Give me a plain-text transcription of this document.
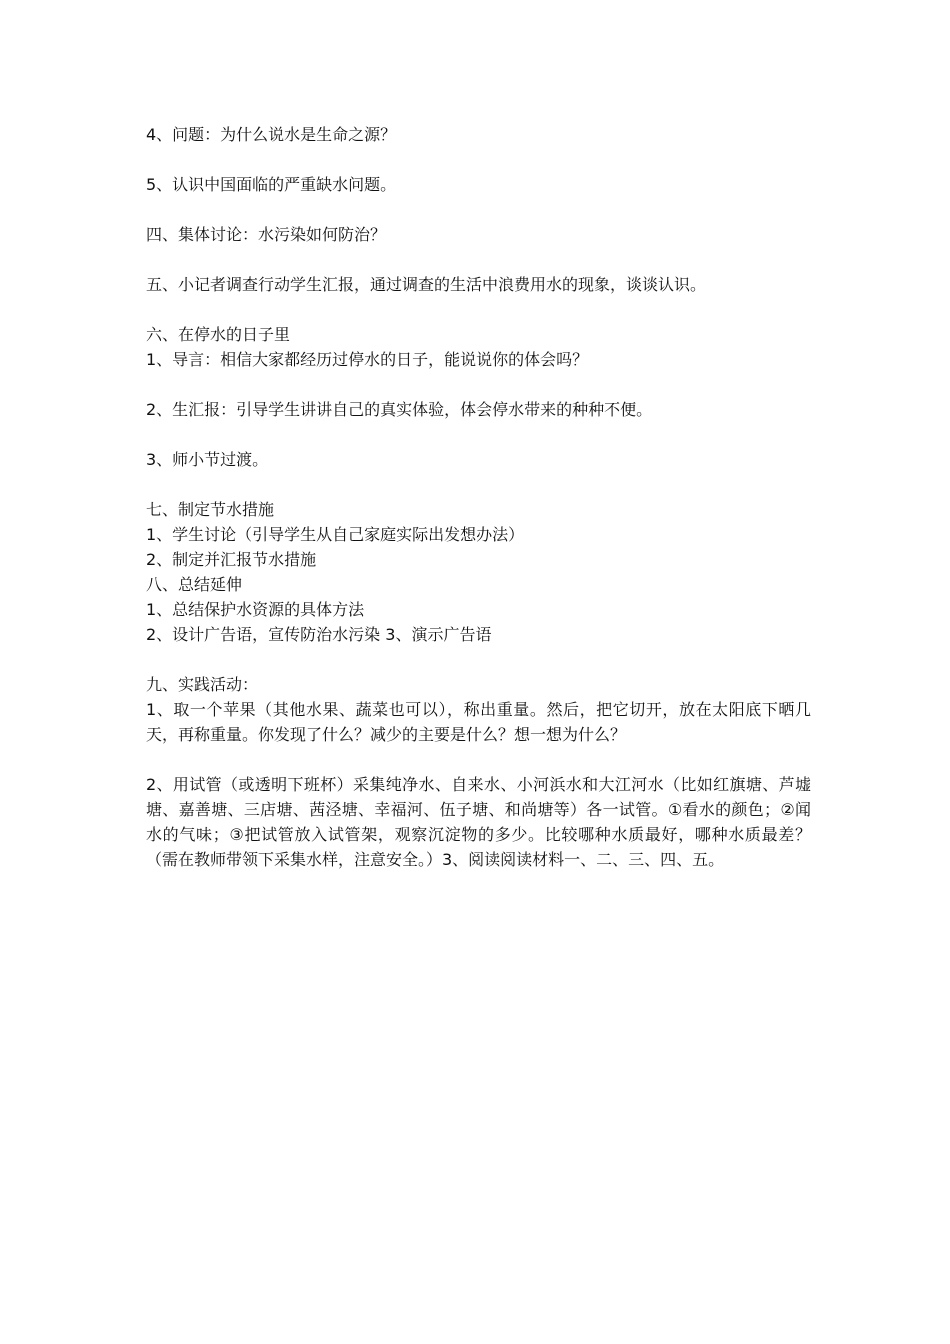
4、问题：为什么说水是生命之源？

5、认识中国面临的严重缺水问题。

四、集体讨论：水污染如何防治？

五、小记者调查行动学生汇报，通过调查的生活中浪费用水的现象，谈谈认识。

六、在停水的日子里

1、导言：相信大家都经历过停水的日子，能说说你的体会吗？

2、生汇报：引导学生讲讲自己的真实体验，体会停水带来的种种不便。

3、师小节过渡。

七、制定节水措施

1、学生讨论（引导学生从自己家庭实际出发想办法）

2、制定并汇报节水措施

八、总结延伸

1、总结保护水资源的具体方法

2、设计广告语，宣传防治水污染 3、演示广告语

九、实践活动：

1、取一个苹果（其他水果、蔬菜也可以），称出重量。然后，把它切开，放在太阳底下晒几天，再称重量。你发现了什么？减少的主要是什么？想一想为什么？

2、用试管（或透明下班杯）采集纯净水、自来水、小河浜水和大江河水（比如红旗塘、芦墟塘、嘉善塘、三店塘、茜泾塘、幸福河、伍子塘、和尚塘等）各一试管。①看水的颜色；②闻水的气味；③把试管放入试管架，观察沉淀物的多少。比较哪种水质最好，哪种水质最差？（需在教师带领下采集水样，注意安全。）3、阅读阅读材料一、二、三、四、五。
